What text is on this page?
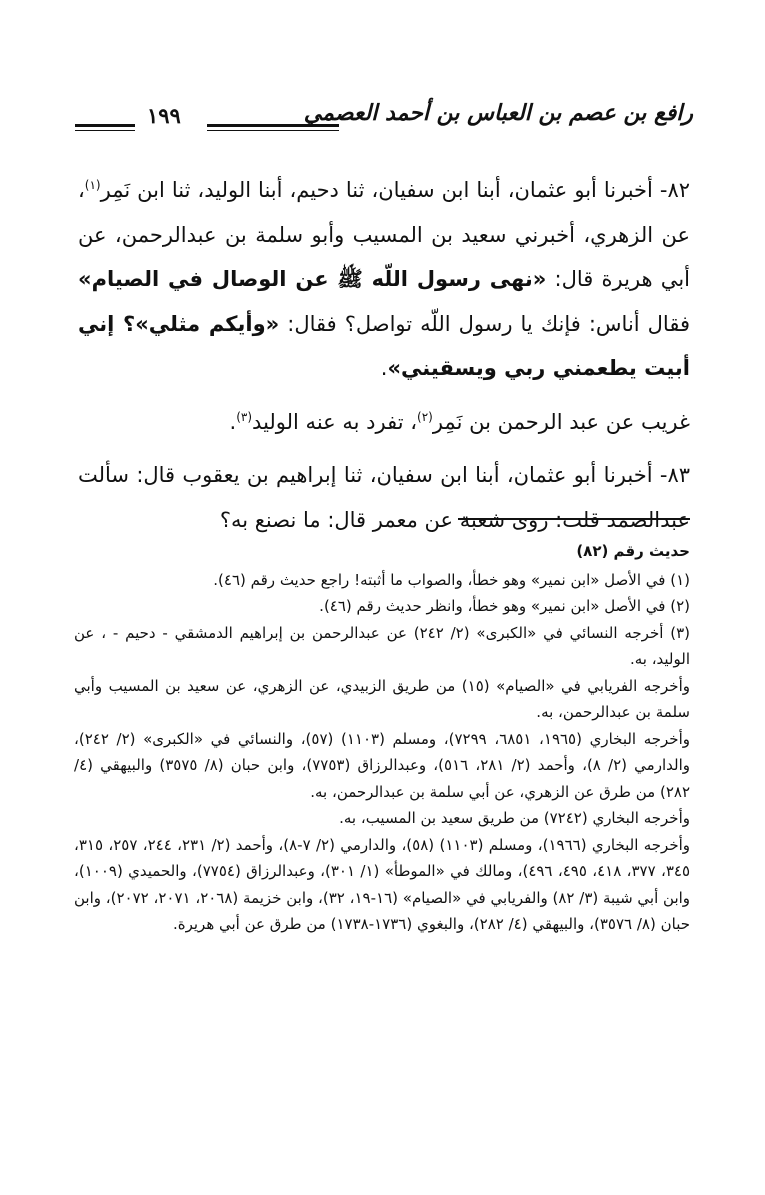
رافع بن عصم بن العباس بن أحمد العصمي
١٩٩

٨٢- أخبرنا أبو عثمان، أبنا ابن سفيان، ثنا دحيم، أبنا الوليد، ثنا ابن نَمِر$^{(١)}$، عن الزهري، أخبرني سعيد بن المسيب وأبو سلمة بن عبدالرحمن، عن أبي هريرة قال: «نهى رسول اللّه ﷺ عن الوصال في الصيام» فقال أناس: فإنك يا رسول اللّه تواصل؟ فقال: «وأيكم مثلي»؟ إني أبيت يطعمني ربي ويسقيني».

غريب عن عبد الرحمن بن نَمِر$^{(٢)}$، تفرد به عنه الوليد$^{(٣)}$.

٨٣- أخبرنا أبو عثمان، أبنا ابن سفيان، ثنا إبراهيم بن يعقوب قال: سألت عبدالصمد قلت: روى شعبة عن معمر قال: ما نصنع به؟

حديث رقم (٨٢)

(١) في الأصل «ابن نمير» وهو خطأ، والصواب ما أثبته! راجع حديث رقم (٤٦).

(٢) في الأصل «ابن نمير» وهو خطأ، وانظر حديث رقم (٤٦).

(٣) أخرجه النسائي في «الكبرى» (٢/ ٢٤٢) عن عبدالرحمن بن إبراهيم الدمشقي - دحيم - ، عن الوليد، به.

وأخرجه الفريابي في «الصيام» (١٥) من طريق الزبيدي، عن الزهري، عن سعيد بن المسيب وأبي سلمة بن عبدالرحمن، به.

وأخرجه البخاري (١٩٦٥، ٦٨٥١، ٧٢٩٩)، ومسلم (١١٠٣) (٥٧)، والنسائي في «الكبرى» (٢/ ٢٤٢)، والدارمي (٢/ ٨)، وأحمد (٢/ ٢٨١، ٥١٦)، وعبدالرزاق (٧٧٥٣)، وابن حبان (٨/ ٣٥٧٥) والبيهقي (٤/ ٢٨٢) من طرق عن الزهري، عن أبي سلمة بن عبدالرحمن، به.

وأخرجه البخاري (٧٢٤٢) من طريق سعيد بن المسيب، به.

وأخرجه البخاري (١٩٦٦)، ومسلم (١١٠٣) (٥٨)، والدارمي (٢/ ٧-٨)، وأحمد (٢/ ٢٣١، ٢٤٤، ٢٥٧، ٣١٥، ٣٤٥، ٣٧٧، ٤١٨، ٤٩٥، ٤٩٦)، ومالك في «الموطأ» (١/ ٣٠١)، وعبدالرزاق (٧٧٥٤)، والحميدي (١٠٠٩)، وابن أبي شيبة (٣/ ٨٢) والفريابي في «الصيام» (١٦-١٩، ٣٢)، وابن خزيمة (٢٠٦٨، ٢٠٧١، ٢٠٧٢)، وابن حبان (٨/ ٣٥٧٦)، والبيهقي (٤/ ٢٨٢)، والبغوي (١٧٣٦-١٧٣٨) من طرق عن أبي هريرة.
